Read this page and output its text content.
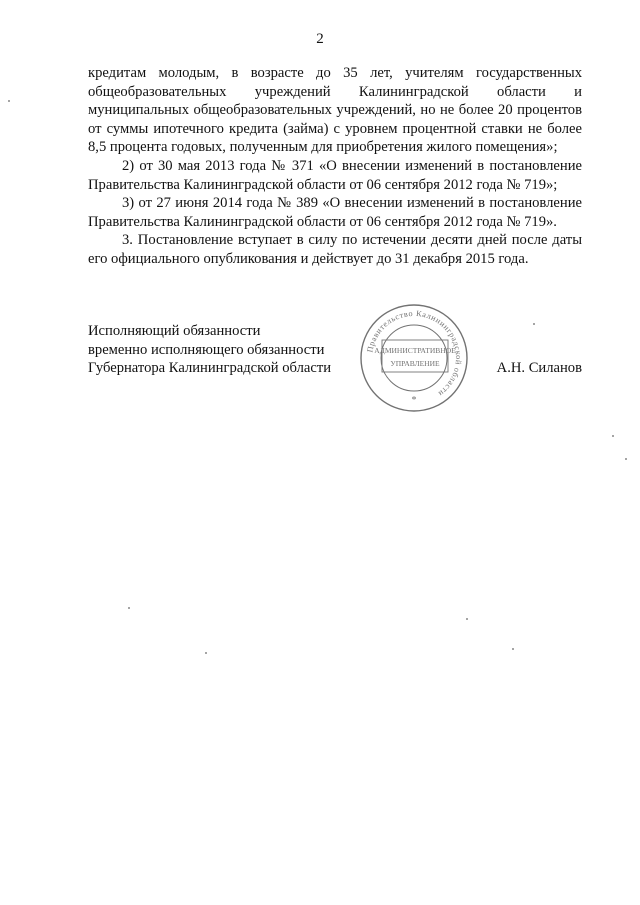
2

кредитам молодым, в возрасте до 35 лет, учителям государственных общеобразовательных учреждений Калининградской области и муниципальных общеобразовательных учреждений, но не более 20 процентов от суммы ипотечного кредита (займа) с уровнем процентной ставки не более 8,5 процента годовых, полученным для приобретения жилого помещения»;

2) от 30 мая 2013 года № 371 «О внесении изменений в постановление Правительства Калининградской области от 06 сентября 2012 года № 719»;

3) от 27 июня 2014 года № 389 «О внесении изменений в постановление Правительства Калининградской области от 06 сентября 2012 года № 719».

3. Постановление вступает в силу по истечении десяти дней после даты его официального опубликования и действует до 31 декабря 2015 года.

Исполняющий обязанности
временно исполняющего обязанности
Губернатора Калининградской области
Правительство Калининградской области
АДМИНИСТРАТИВНОЕ
УПРАВЛЕНИЕ
*
А.Н. Силанов
